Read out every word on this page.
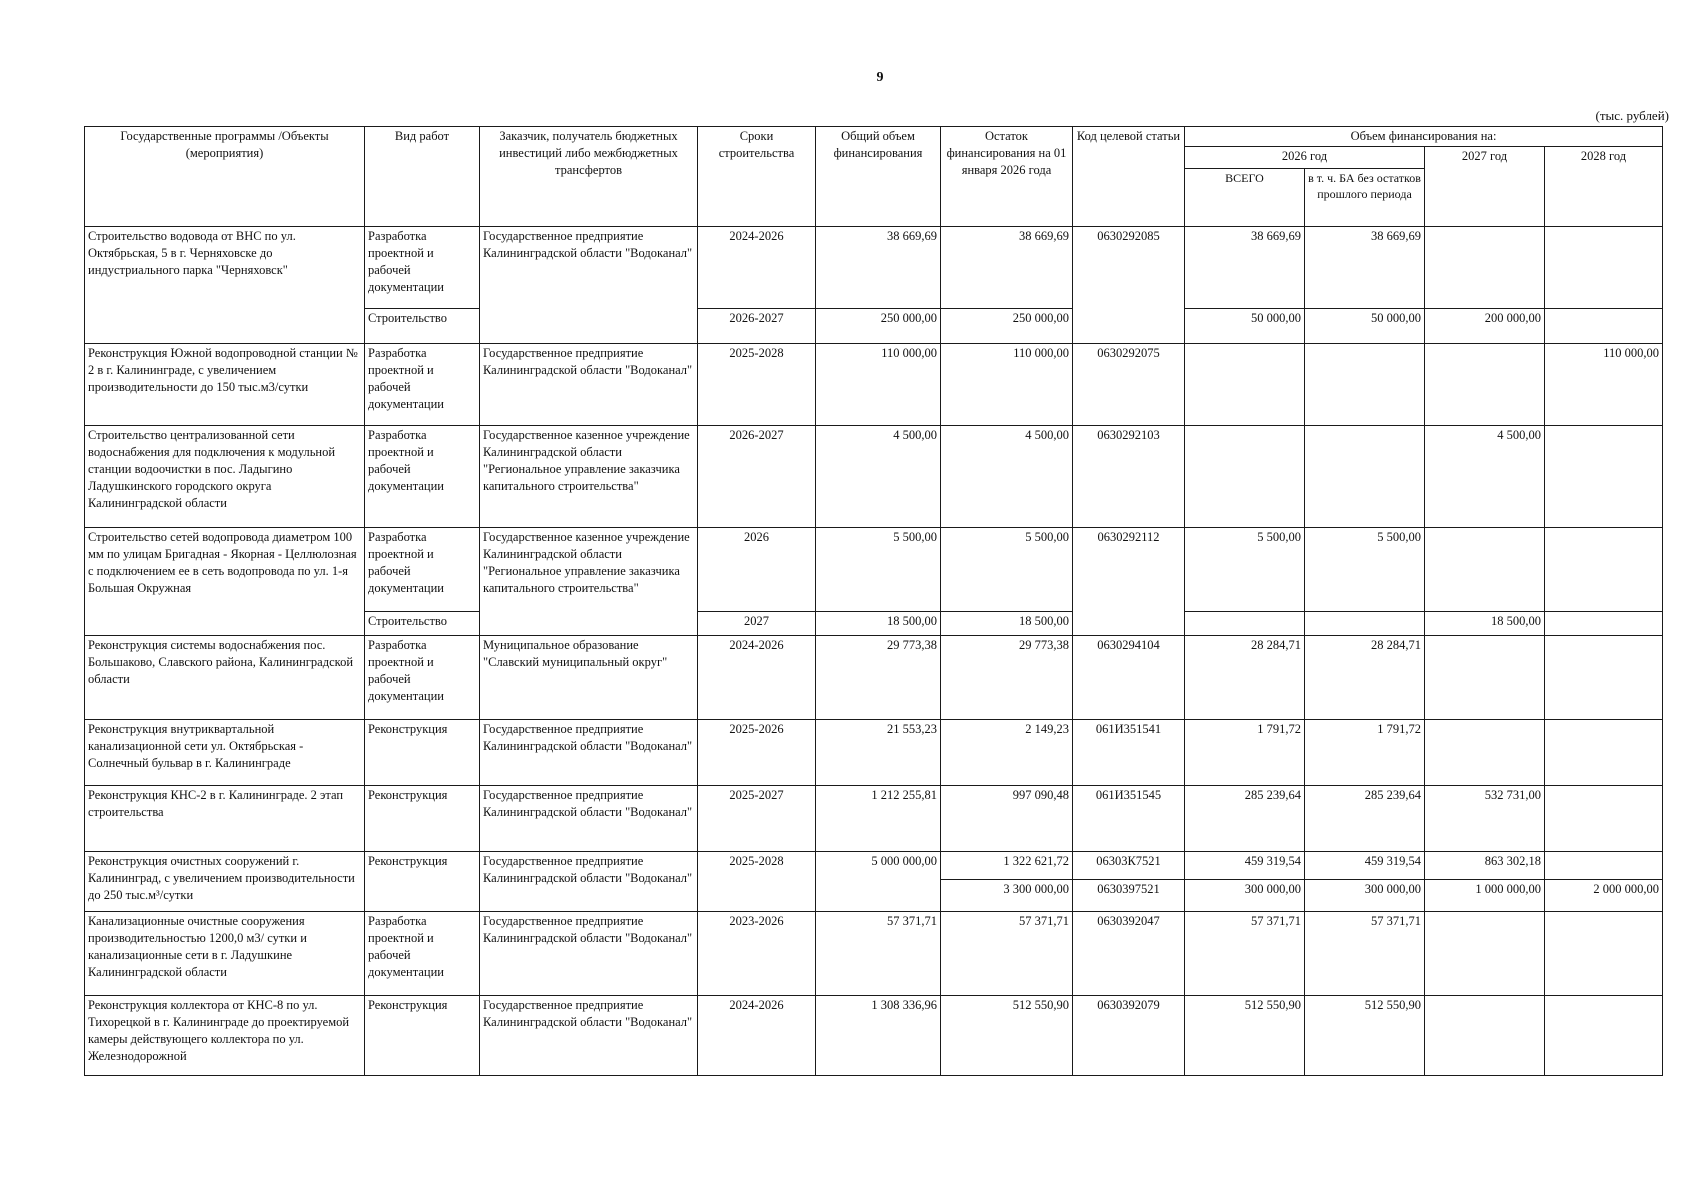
9
(тыс. рублей)
Государственные программы /Объекты (мероприятия)	Вид работ	Заказчик, получатель бюджетных инвестиций либо межбюджетных трансфертов	Сроки строительства	Общий объем финансирования	Остаток финансирования на 01 января 2026 года	Код целевой статьи	Объем финансирования на:			
							2026 год		2027 год	2028 год
							ВСЕГО	в т. ч. БА без остатков прошлого периода		
Строительство водовода от ВНС по ул. Октябрьская, 5 в г. Черняховске до индустриального парка "Черняховск"	Разработка проектной и рабочей документации	Государственное предприятие Калининградской области "Водоканал"	2024-2026	38 669,69	38 669,69	0630292085	38 669,69	38 669,69		
	Строительство		2026-2027	250 000,00	250 000,00		50 000,00	50 000,00	200 000,00	
Реконструкция Южной водопроводной станции № 2 в г. Калининграде, с увеличением производительности до 150 тыс.м3/сутки	Разработка проектной и рабочей документации	Государственное предприятие Калининградской области "Водоканал"	2025-2028	110 000,00	110 000,00	0630292075				110 000,00
Строительство централизованной сети водоснабжения для подключения к модульной станции водоочистки в пос. Ладыгино Ладушкинского городского округа Калининградской области	Разработка проектной и рабочей документации	Государственное казенное учреждение Калининградской области "Региональное управление заказчика капитального строительства"	2026-2027	4 500,00	4 500,00	0630292103			4 500,00	
Строительство сетей водопровода диаметром 100 мм по улицам Бригадная - Якорная - Целлюлозная с подключением ее в сеть водопровода по ул. 1-я Большая Окружная	Разработка проектной и рабочей документации	Государственное казенное учреждение Калининградской области "Региональное управление заказчика капитального строительства"	2026	5 500,00	5 500,00	0630292112	5 500,00	5 500,00		
	Строительство		2027	18 500,00	18 500,00				18 500,00	
Реконструкция системы водоснабжения пос. Большаково, Славского района, Калининградской области	Разработка проектной и рабочей документации	Муниципальное образование "Славский муниципальный округ"	2024-2026	29 773,38	29 773,38	0630294104	28 284,71	28 284,71		
Реконструкция внутриквартальной канализационной сети ул. Октябрьская - Солнечный бульвар в г. Калининграде	Реконструкция	Государственное предприятие Калининградской области "Водоканал"	2025-2026	21 553,23	2 149,23	061И351541	1 791,72	1 791,72		
Реконструкция КНС-2 в г. Калининграде. 2 этап строительства	Реконструкция	Государственное предприятие Калининградской области "Водоканал"	2025-2027	1 212 255,81	997 090,48	061И351545	285 239,64	285 239,64	532 731,00	
Реконструкция очистных сооружений г. Калининград, с увеличением производительности до 250 тыс.м³/сутки	Реконструкция	Государственное предприятие Калининградской области "Водоканал"	2025-2028	5 000 000,00	1 322 621,72	06303К7521	459 319,54	459 319,54	863 302,18	
					3 300 000,00	0630397521	300 000,00	300 000,00	1 000 000,00	2 000 000,00
Канализационные очистные сооружения производительностью 1200,0 м3/ сутки и канализационные сети в г. Ладушкине Калининградской области	Разработка проектной и рабочей документации	Государственное предприятие Калининградской области "Водоканал"	2023-2026	57 371,71	57 371,71	0630392047	57 371,71	57 371,71		
Реконструкция коллектора от КНС-8 по ул. Тихорецкой в г. Калининграде до проектируемой камеры действующего коллектора по ул. Железнодорожной	Реконструкция	Государственное предприятие Калининградской области "Водоканал"	2024-2026	1 308 336,96	512 550,90	0630392079	512 550,90	512 550,90		
